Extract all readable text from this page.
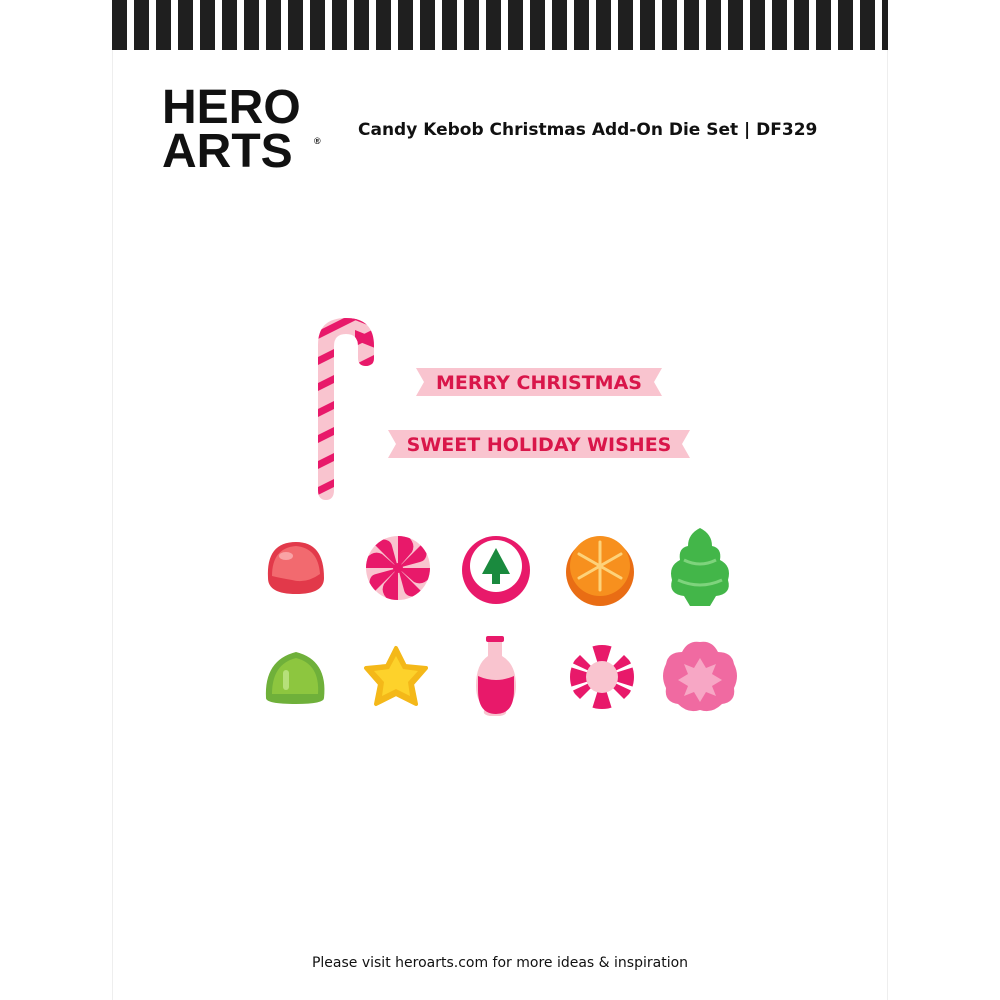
HERO
ARTS	®
Candy Kebob Christmas Add-On Die Set | DF329
MERRY CHRISTMAS
SWEET HOLIDAY WISHES
Please visit heroarts.com for more ideas & inspiration
